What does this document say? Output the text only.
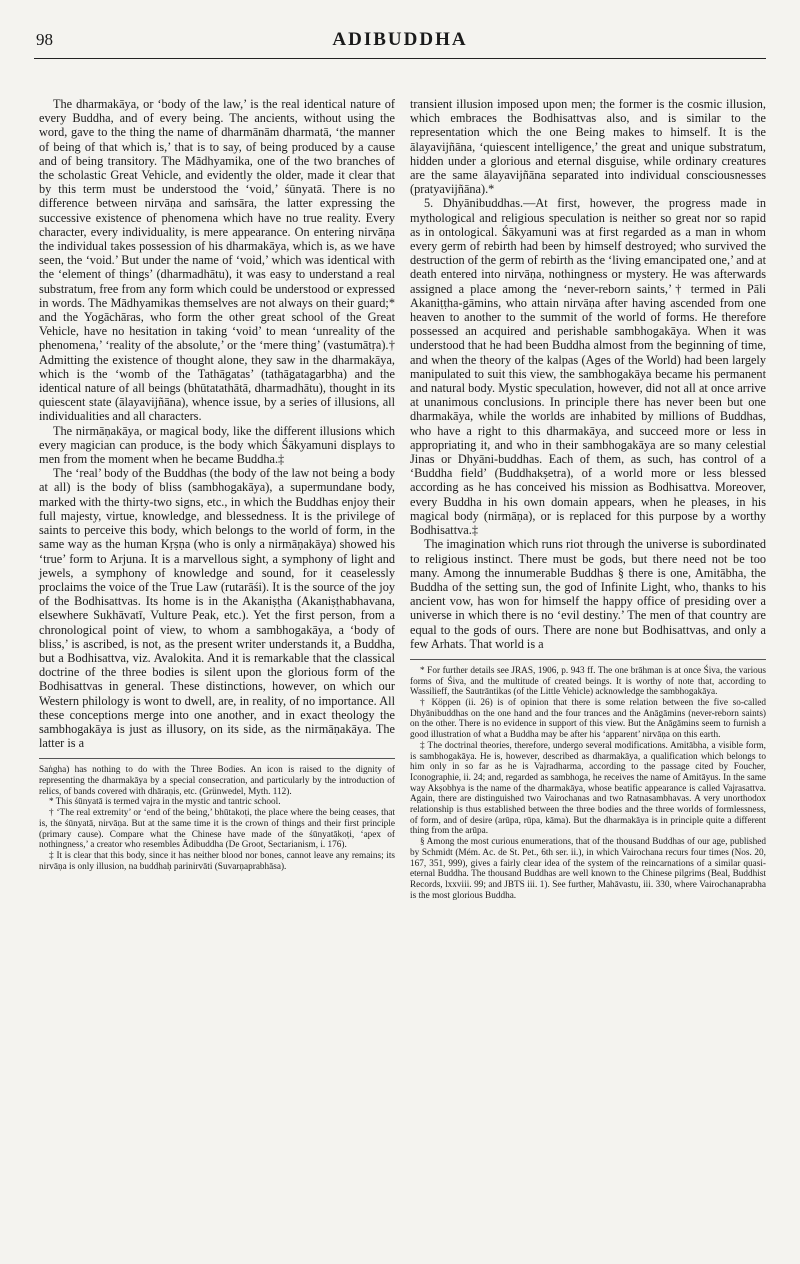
98	ADIBUDDHA

The dharmakāya, or ‘body of the law,’ is the real identical nature of every Buddha, and of every being. The ancients, without using the word, gave to the thing the name of dharmānām dharmatā, ‘the manner of being of that which is,’ that is to say, of being produced by a cause and of being transitory. The Mādhyamika, one of the two branches of the scholastic Great Vehicle, and evidently the older, made it clear that by this term must be understood the ‘void,’ śūnyatā. There is no difference between nirvāṇa and saṁsāra, the latter expressing the successive existence of phenomena which have no true reality. Every character, every individuality, is mere appearance. On entering nirvāṇa the individual takes possession of his dharmakāya, which is, as we have seen, the ‘void.’ But under the name of ‘void,’ which was identical with the ‘element of things’ (dharmadhātu), it was easy to understand a real substratum, free from any form which could be understood or expressed in words. The Mādhyamikas themselves are not always on their guard;* and the Yogāchāras, who form the other great school of the Great Vehicle, have no hesitation in taking ‘void’ to mean ‘unreality of the phenomena,’ ‘reality of the absolute,’ or the ‘mere thing’ (vastumātṛa).† Admitting the existence of thought alone, they saw in the dharmakāya, which is the ‘womb of the Tathāgatas’ (tathāgatagarbha) and the identical nature of all beings (bhūtatathātā, dharmadhātu), thought in its quiescent state (ālayavijñāna), whence issue, by a series of illusions, all individualities and all characters.

The nirmāṇakāya, or magical body, like the different illusions which every magician can produce, is the body which Śākyamuni displays to men from the moment when he became Buddha.‡

The ‘real’ body of the Buddhas (the body of the law not being a body at all) is the body of bliss (sambhogakāya), a supermundane body, marked with the thirty-two signs, etc., in which the Buddhas enjoy their full majesty, virtue, knowledge, and blessedness. It is the privilege of saints to perceive this body, which belongs to the world of form, in the same way as the human Kṛṣṇa (who is only a nirmāṇakāya) showed his ‘true’ form to Arjuna. It is a marvellous sight, a symphony of light and jewels, a symphony of knowledge and sound, for it ceaselessly proclaims the voice of the True Law (rutarāśi). It is the source of the joy of the Bodhisattvas. Its home is in the Akaniṣṭha (Akaniṣṭhabhavana, elsewhere Sukhāvatī, Vulture Peak, etc.). Yet the first person, from a chronological point of view, to whom a sambhogakāya, a ‘body of bliss,’ is ascribed, is not, as the present writer understands it, a Buddha, but a Bodhisattva, viz. Avalokita. And it is remarkable that the classical doctrine of the three bodies is silent upon the glorious form of the Bodhisattvas in general. These distinctions, however, on which our Western philology is wont to dwell, are, in reality, of no importance. All these conceptions merge into one another, and in exact theology the sambhogakāya is just as illusory, on its side, as the nirmāṇakāya. The latter is a

Saṅgha) has nothing to do with the Three Bodies. An icon is raised to the dignity of representing the dharmakāya by a special consecration, and particularly by the introduction of relics, of bands covered with dhāraṇis, etc. (Grünwedel, Myth. 112).

* This śūnyatā is termed vajra in the mystic and tantric school.

† ‘The real extremity’ or ‘end of the being,’ bhūtakoṭi, the place where the being ceases, that is, the śūnyatā, nirvāṇa. But at the same time it is the crown of things and their first principle (primary cause). Compare what the Chinese have made of the śūnyatākoṭi, ‘apex of nothingness,’ a creator who resembles Ādibuddha (De Groot, Sectarianism, i. 176).

‡ It is clear that this body, since it has neither blood nor bones, cannot leave any remains; its nirvāṇa is only illusion, na buddhaḥ parinirvāti (Suvarṇaprabhāsa).

transient illusion imposed upon men; the former is the cosmic illusion, which embraces the Bodhisattvas also, and is similar to the representation which the one Being makes to himself. It is the ālayavijñāna, ‘quiescent intelligence,’ the great and unique substratum, hidden under a glorious and eternal disguise, while ordinary creatures are the same ālayavijñāna separated into individual consciousnesses (pratyavijñāna).*

5. Dhyānibuddhas.—At first, however, the progress made in mythological and religious speculation is neither so great nor so rapid as in ontological. Śākyamuni was at first regarded as a man in whom every germ of rebirth had been by himself destroyed; who survived the destruction of the germ of rebirth as the ‘living emancipated one,’ and at death entered into nirvāṇa, nothingness or mystery. He was afterwards assigned a place among the ‘never-reborn saints,’† termed in Pāli Akaniṭṭha-gāmins, who attain nirvāṇa after having ascended from one heaven to another to the summit of the world of forms. He therefore possessed an acquired and perishable sambhogakāya. When it was understood that he had been Buddha almost from the beginning of time, and when the theory of the kalpas (Ages of the World) had been largely manipulated to suit this view, the sambhogakāya became his permanent and natural body. Mystic speculation, however, did not all at once arrive at unanimous conclusions. In principle there has never been but one dharmakāya, while the worlds are inhabited by millions of Buddhas, who have a right to this dharmakāya, and succeed more or less in appropriating it, and who in their sambhogakāya are so many celestial Jinas or Dhyāni-buddhas. Each of them, as such, has control of a ‘Buddha field’ (Buddhakṣetra), of a world more or less blessed according as he has conceived his mission as Bodhisattva. Moreover, every Buddha in his own domain appears, when he pleases, in his magical body (nirmāṇa), or is replaced for this purpose by a worthy Bodhisattva.‡

The imagination which runs riot through the universe is subordinated to religious instinct. There must be gods, but there need not be too many. Among the innumerable Buddhas § there is one, Amitābha, the Buddha of the setting sun, the god of Infinite Light, who, thanks to his ancient vow, has won for himself the happy office of presiding over a universe in which there is no ‘evil destiny.’ The men of that country are equal to the gods of ours. There are none but Bodhisattvas, and only a few Arhats. That world is a

* For further details see JRAS, 1906, p. 943 ff. The one brāhman is at once Śiva, the various forms of Śiva, and the multitude of created beings. It is worthy of note that, according to Wassilieff, the Sautrāntikas (of the Little Vehicle) acknowledge the sambhogakāya.

† Köppen (ii. 26) is of opinion that there is some relation between the five so-called Dhyānibuddhas on the one hand and the four trances and the Anāgāmins (never-reborn saints) on the other. There is no evidence in support of this view. But the Anāgāmins seem to furnish a good illustration of what a Buddha may be after his ‘apparent’ nirvāṇa on this earth.

‡ The doctrinal theories, therefore, undergo several modifications. Amitābha, a visible form, is sambhogakāya. He is, however, described as dharmakāya, a qualification which belongs to him only in so far as he is Vajradharma, according to the passage cited by Foucher, Iconographie, ii. 24; and, regarded as sambhoga, he receives the name of Amitāyus. In the same way Akṣobhya is the name of the dharmakāya, whose beatific appearance is called Vajrasattva. Again, there are distinguished two Vairochanas and two Ratnasambhavas. A very unorthodox relationship is thus established between the three bodies and the three worlds of formlessness, of form, and of desire (arūpa, rūpa, kāma). But the dharmakāya is in principle quite a different thing from the arūpa.

§ Among the most curious enumerations, that of the thousand Buddhas of our age, published by Schmidt (Mém. Ac. de St. Pet., 6th ser. ii.), in which Vairochana recurs four times (Nos. 20, 167, 351, 999), gives a fairly clear idea of the system of the reincarnations of a similar quasi-eternal Buddha. The thousand Buddhas are well known to the Chinese pilgrims (Beal, Buddhist Records, lxxviii. 99; and JBTS iii. 1). See further, Mahāvastu, iii. 330, where Vairochanaprabha is the most glorious Buddha.
